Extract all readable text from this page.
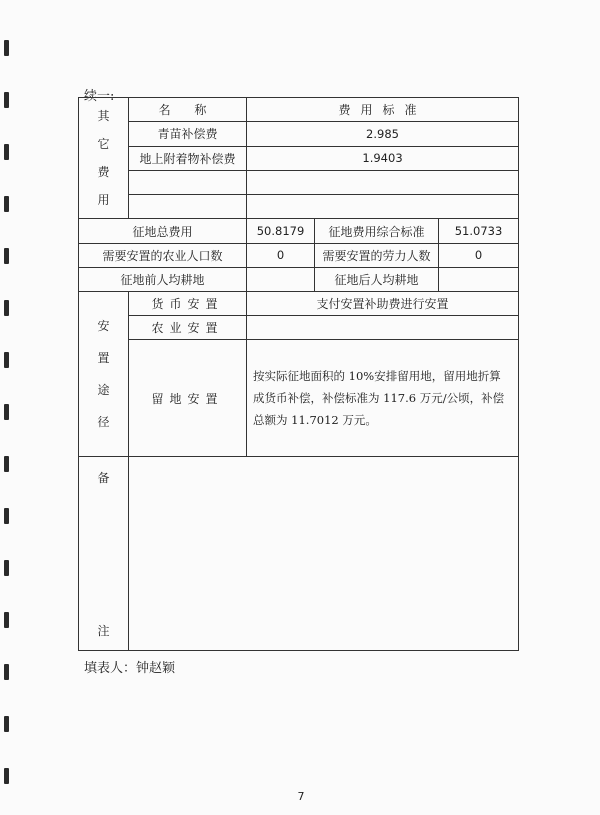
续一:
其它费用	名 称	费用标准		
	青苗补偿费	2.985		
	地上附着物补偿费	1.9403		

征地总费用		50.8179	征地费用综合标准	51.0733
需要安置的农业人口数		0	需要安置的劳力人数	0
征地前人均耕地			征地后人均耕地	

安置途径	货币安置	支付安置补助费进行安置		
	农业安置			
	留地安置	按实际征地面积的 10%安排留用地，留用地折算成货币补偿，补偿标准为 117.6 万元/公顷，补偿总额为 11.7012 万元。		

备
注				

填表人：钟赵颖
7
